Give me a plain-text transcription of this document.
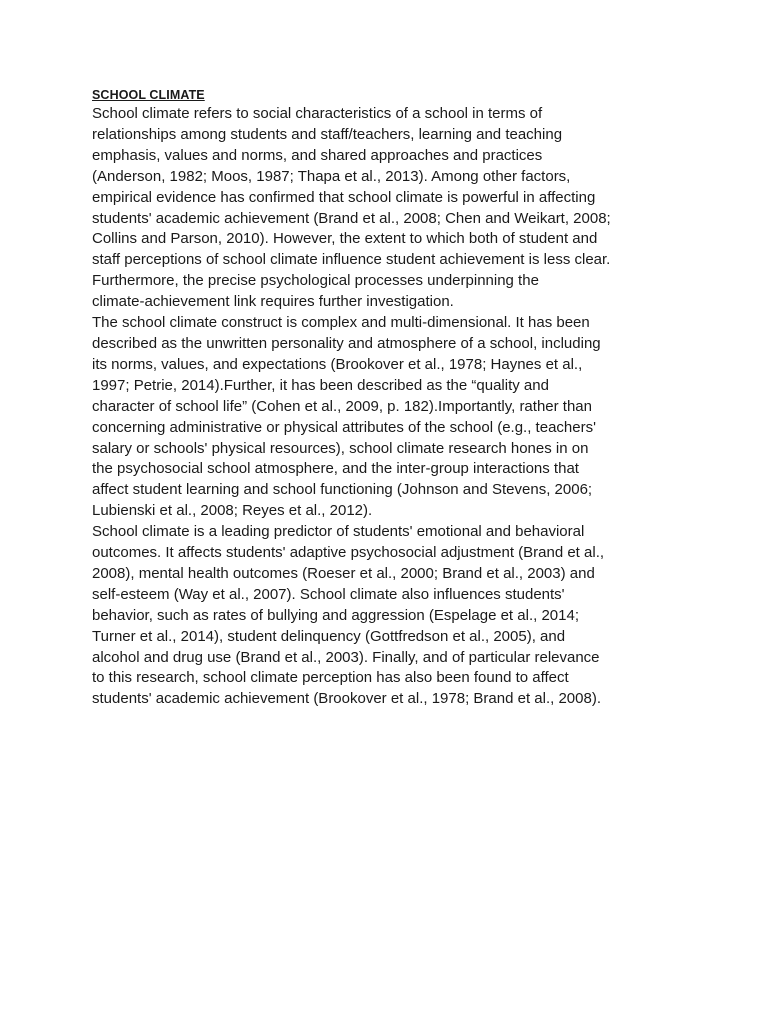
SCHOOL CLIMATE

School climate refers to social characteristics of a school in terms of
relationships among students and staff/teachers, learning and teaching
emphasis, values and norms, and shared approaches and practices
(Anderson, 1982; Moos, 1987; Thapa et al., 2013). Among other factors,
empirical evidence has confirmed that school climate is powerful in affecting
students' academic achievement (Brand et al., 2008; Chen and Weikart, 2008;
Collins and Parson, 2010). However, the extent to which both of student and
staff perceptions of school climate influence student achievement is less clear.
Furthermore, the precise psychological processes underpinning the
climate-achievement link requires further investigation.

The school climate construct is complex and multi-dimensional. It has been
described as the unwritten personality and atmosphere of a school, including
its norms, values, and expectations (Brookover et al., 1978; Haynes et al.,
1997; Petrie, 2014).Further, it has been described as the “quality and
character of school life” (Cohen et al., 2009, p. 182).Importantly, rather than
concerning administrative or physical attributes of the school (e.g., teachers'
salary or schools' physical resources), school climate research hones in on
the psychosocial school atmosphere, and the inter-group interactions that
affect student learning and school functioning (Johnson and Stevens, 2006;
Lubienski et al., 2008; Reyes et al., 2012).

School climate is a leading predictor of students' emotional and behavioral
outcomes. It affects students' adaptive psychosocial adjustment (Brand et al.,
2008), mental health outcomes (Roeser et al., 2000; Brand et al., 2003) and
self-esteem (Way et al., 2007). School climate also influences students'
behavior, such as rates of bullying and aggression (Espelage et al., 2014;
Turner et al., 2014), student delinquency (Gottfredson et al., 2005), and
alcohol and drug use (Brand et al., 2003). Finally, and of particular relevance
to this research, school climate perception has also been found to affect
students' academic achievement (Brookover et al., 1978; Brand et al., 2008).
